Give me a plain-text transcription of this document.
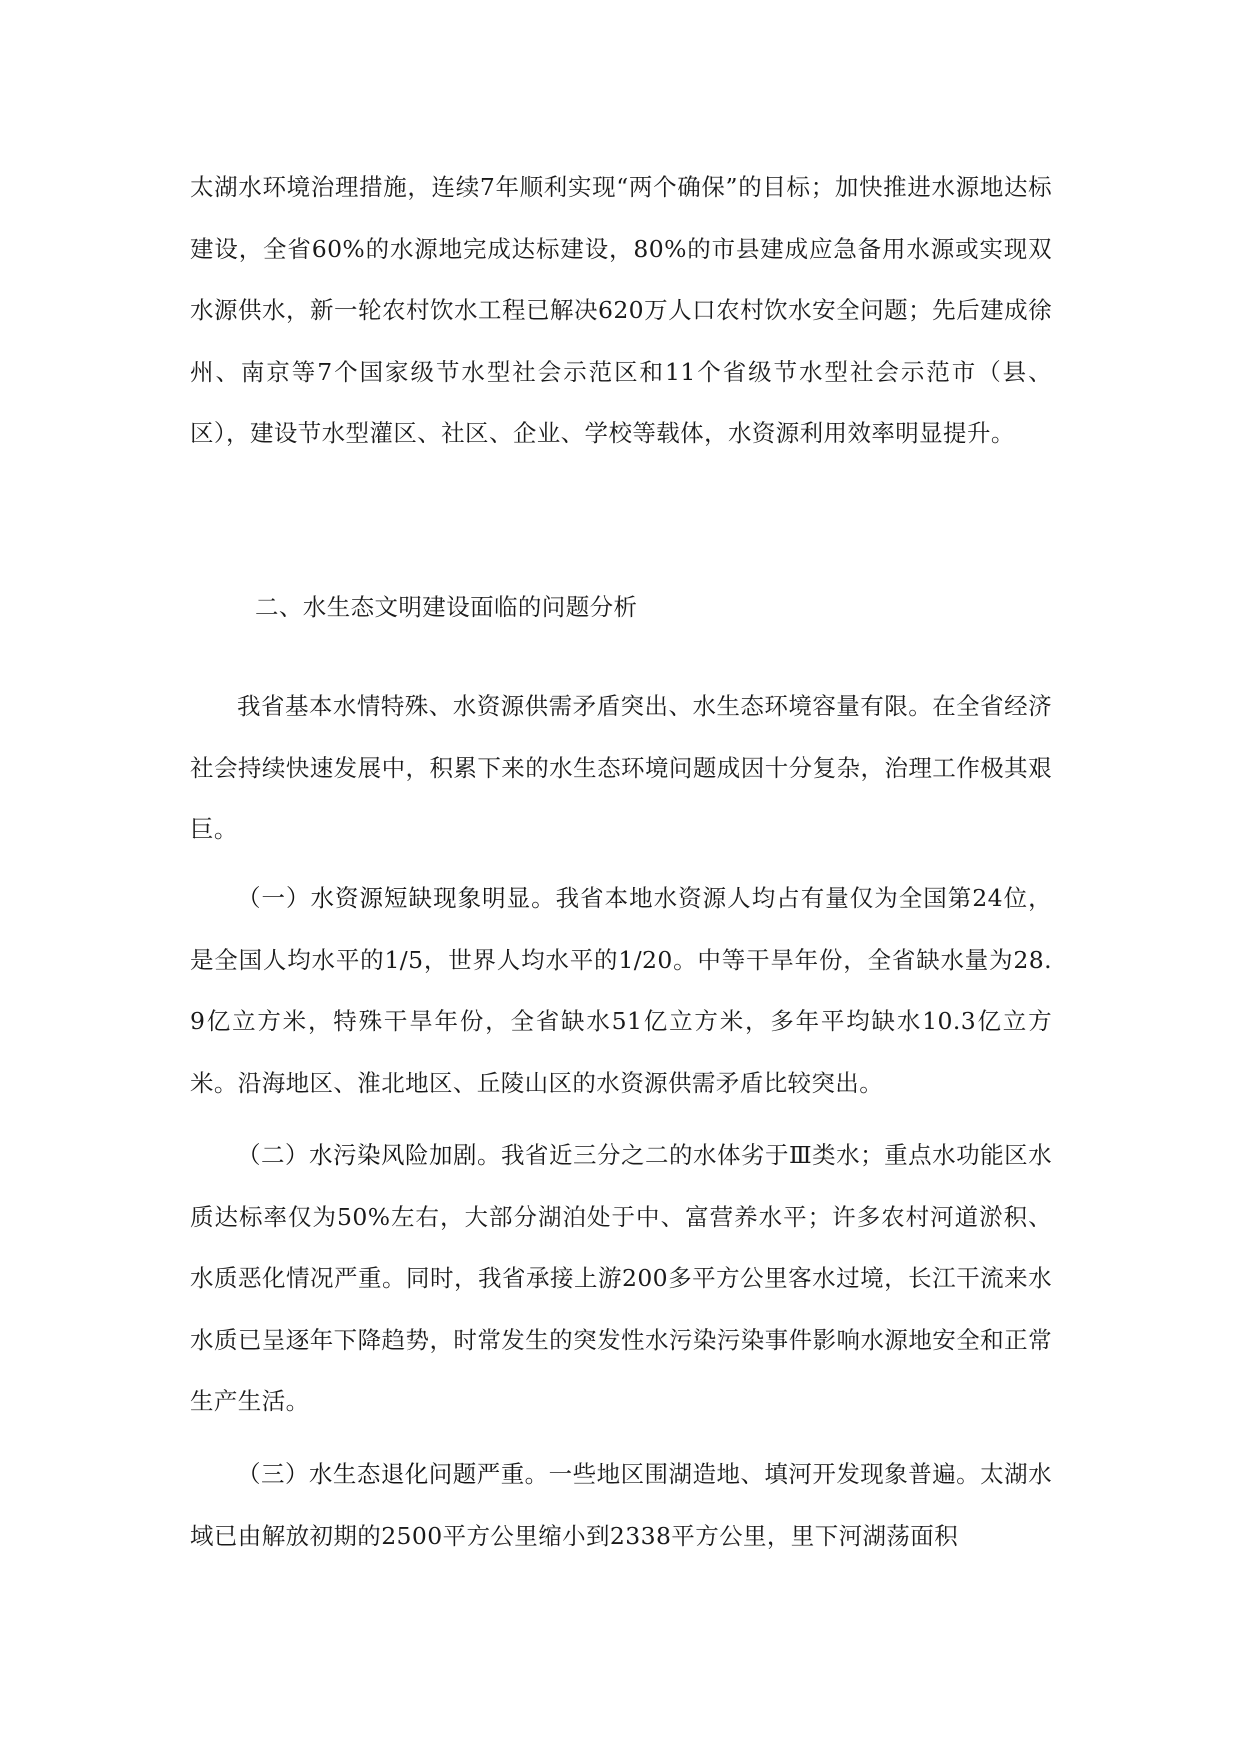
太湖水环境治理措施，连续7年顺利实现“两个确保”的目标；加快推进水源地达标建设，全省60%的水源地完成达标建设，80%的市县建成应急备用水源或实现双水源供水，新一轮农村饮水工程已解决620万人口农村饮水安全问题；先后建成徐州、南京等7个国家级节水型社会示范区和11个省级节水型社会示范市（县、区），建设节水型灌区、社区、企业、学校等载体，水资源利用效率明显提升。

二、水生态文明建设面临的问题分析

我省基本水情特殊、水资源供需矛盾突出、水生态环境容量有限。在全省经济社会持续快速发展中，积累下来的水生态环境问题成因十分复杂，治理工作极其艰巨。

（一）水资源短缺现象明显。我省本地水资源人均占有量仅为全国第24位，是全国人均水平的1/5，世界人均水平的1/20。中等干旱年份，全省缺水量为28.9亿立方米，特殊干旱年份，全省缺水51亿立方米，多年平均缺水10.3亿立方米。沿海地区、淮北地区、丘陵山区的水资源供需矛盾比较突出。

（二）水污染风险加剧。我省近三分之二的水体劣于Ⅲ类水；重点水功能区水质达标率仅为50%左右，大部分湖泊处于中、富营养水平；许多农村河道淤积、水质恶化情况严重。同时，我省承接上游200多平方公里客水过境，长江干流来水水质已呈逐年下降趋势，时常发生的突发性水污染污染事件影响水源地安全和正常生产生活。

（三）水生态退化问题严重。一些地区围湖造地、填河开发现象普遍。太湖水域已由解放初期的2500平方公里缩小到2338平方公里，里下河湖荡面积
